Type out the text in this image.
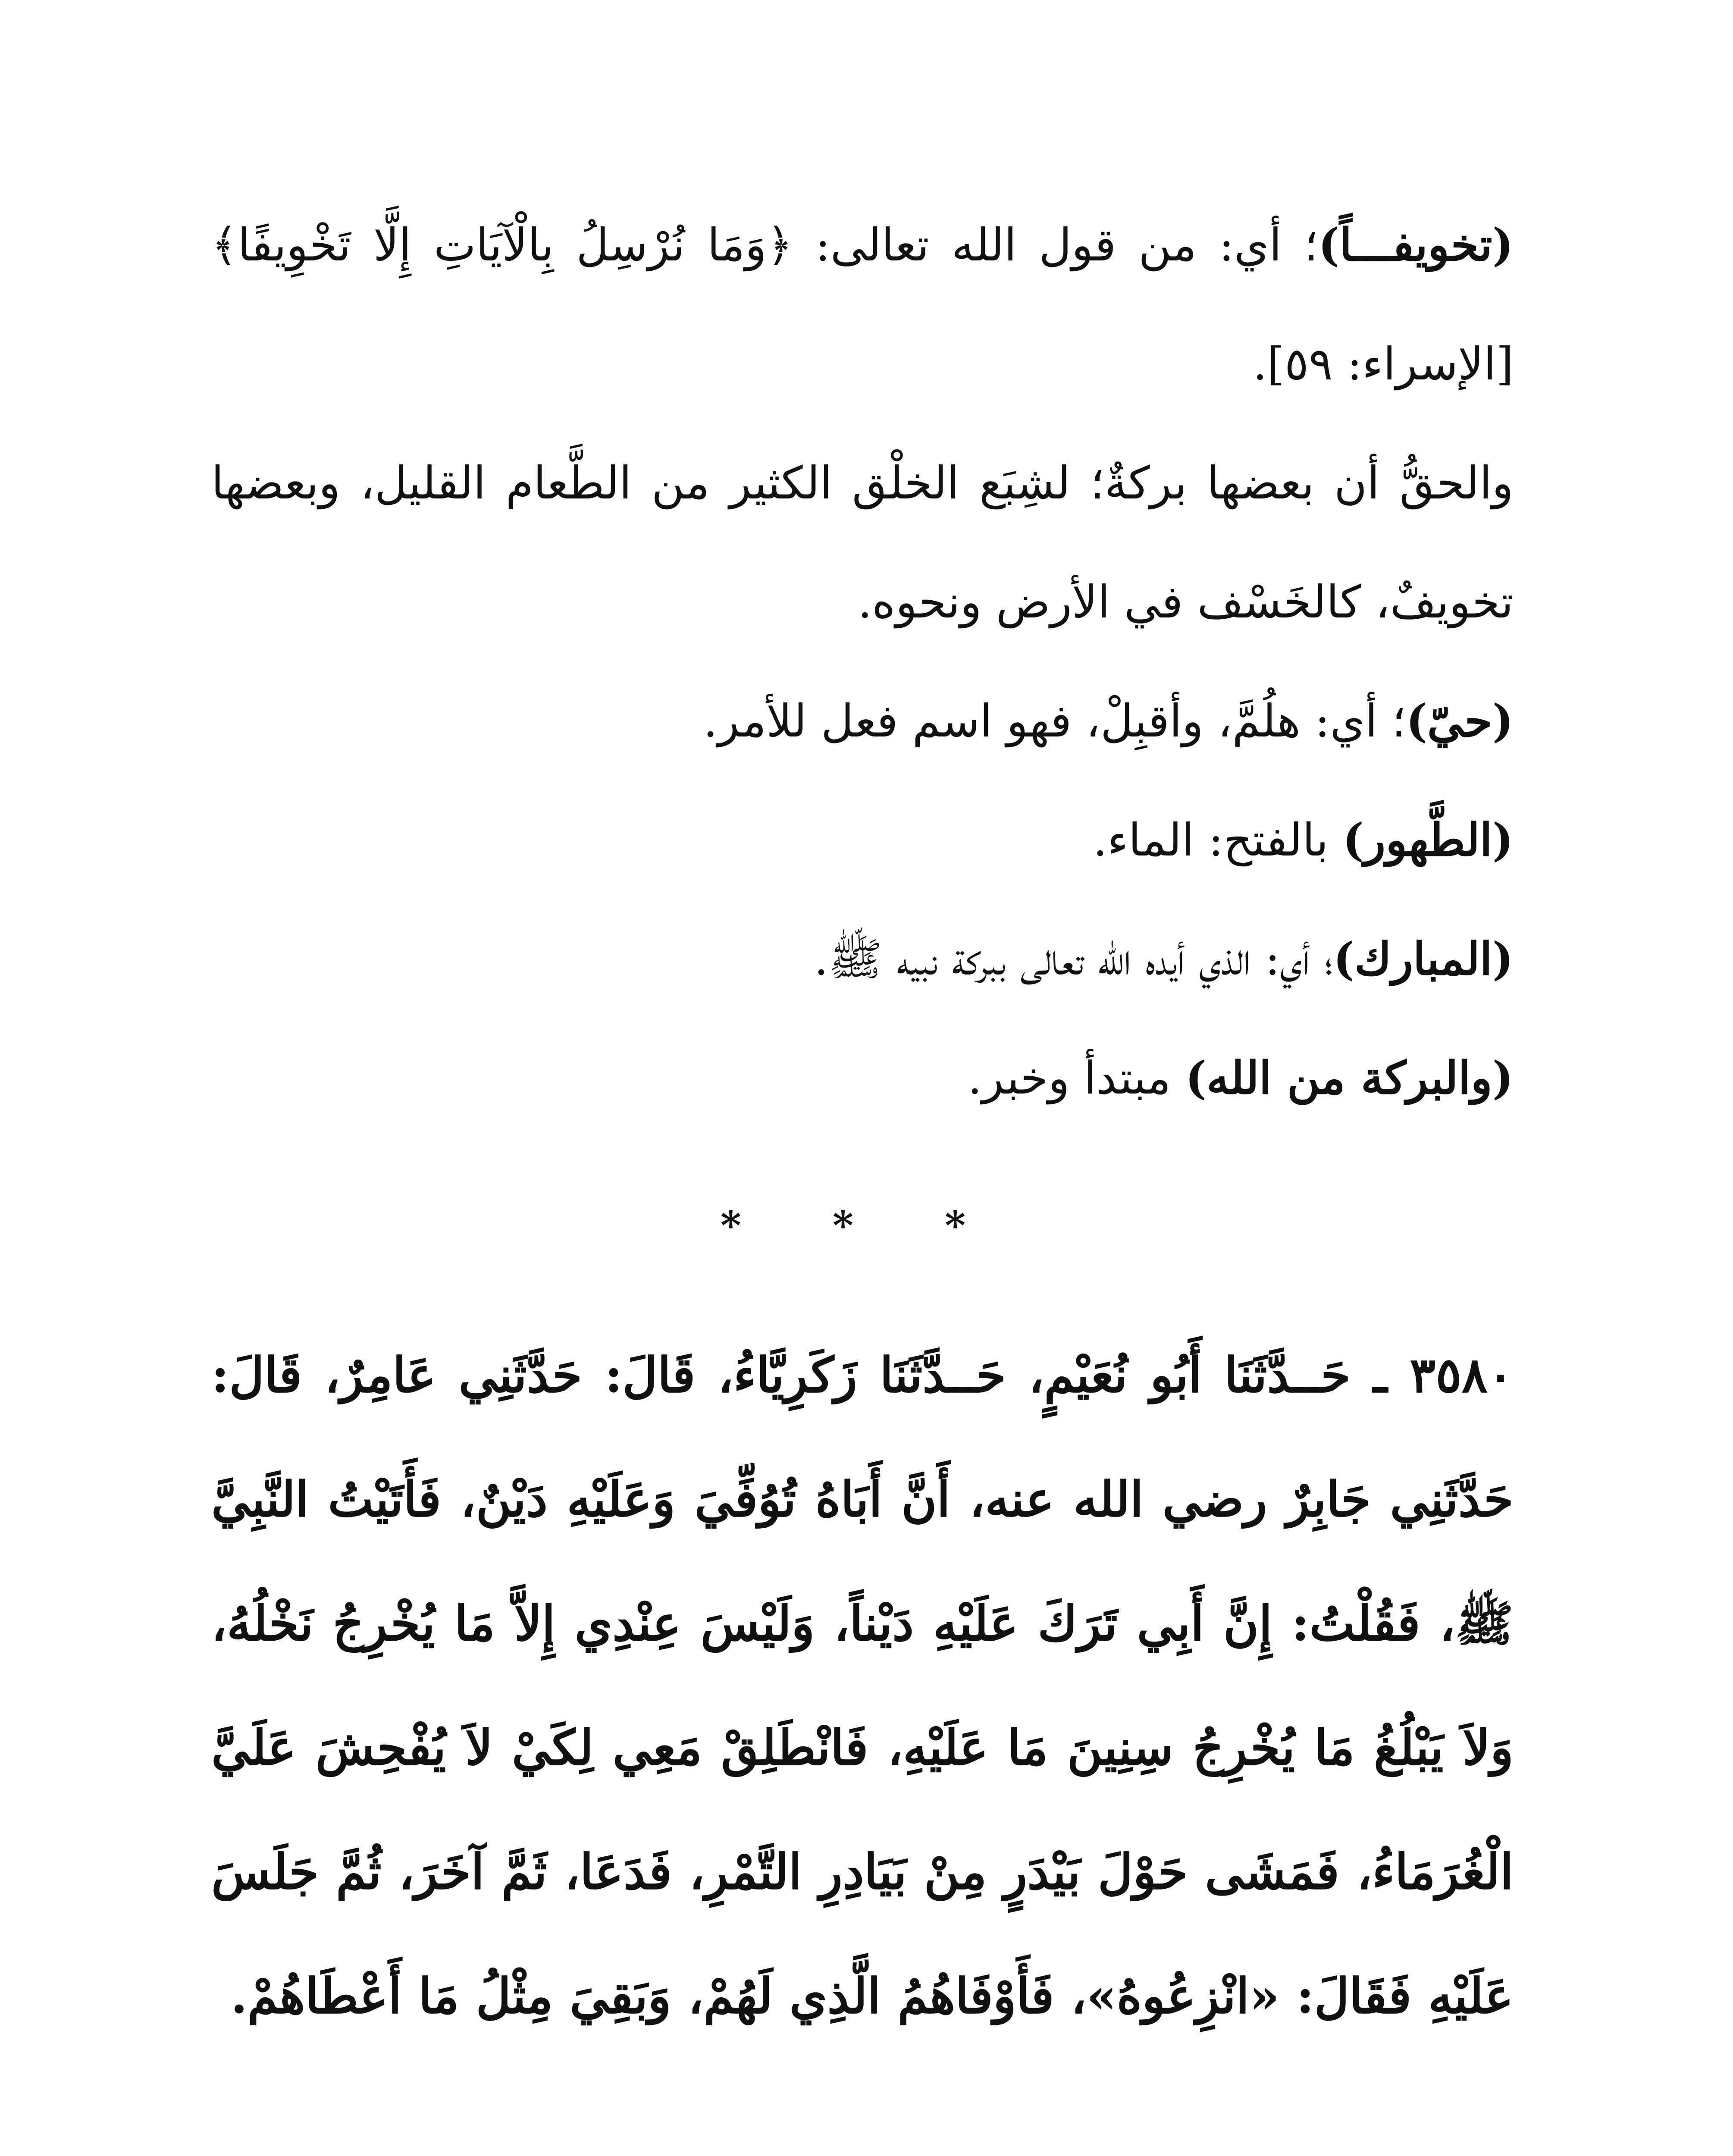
(تخويفـــاً)؛ أي: من قول الله تعالى: ﴿وَمَا نُرْسِلُ بِالْآيَاتِ إِلَّا تَخْوِيفًا﴾ [الإسراء: ٥٩].

والحقُّ أن بعضها بركةٌ؛ لشِبَع الخلْق الكثير من الطَّعام القليل، وبعضها تخويفٌ، كالخَسْف في الأرض ونحوه.

(حيّ)؛ أي: هلُمَّ، وأقبِلْ، فهو اسم فعل للأمر.

(الطَّهور) بالفتح: الماء.

(المبارك)؛ أي: الذي أيده الله تعالى ببركة نبيه ﷺ.

(والبركة من الله) مبتدأ وخبر.

* * *

٣٥٨٠ ـ حَــدَّثَنَا أَبُو نُعَيْمٍ، حَــدَّثَنَا زَكَرِيَّاءُ، قَالَ: حَدَّثَنِي عَامِرٌ، قَالَ: حَدَّثَنِي جَابِرٌ رضي الله عنه، أَنَّ أَبَاهُ تُوُفِّيَ وَعَلَيْهِ دَيْنٌ، فَأَتَيْتُ النَّبِيَّ ﷺ، فَقُلْتُ: إِنَّ أَبِي تَرَكَ عَلَيْهِ دَيْناً، وَلَيْسَ عِنْدِي إِلاَّ مَا يُخْرِجُ نَخْلُهُ، وَلاَ يَبْلُغُ مَا يُخْرِجُ سِنِينَ مَا عَلَيْهِ، فَانْطَلِقْ مَعِي لِكَيْ لاَ يُفْحِشَ عَلَيَّ الْغُرَمَاءُ، فَمَشَى حَوْلَ بَيْدَرٍ مِنْ بَيَادِرِ التَّمْرِ، فَدَعَا، ثَمَّ آخَرَ، ثُمَّ جَلَسَ عَلَيْهِ فَقَالَ: «انْزِعُوهُ»، فَأَوْفَاهُمُ الَّذِي لَهُمْ، وَبَقِيَ مِثْلُ مَا أَعْطَاهُمْ.
